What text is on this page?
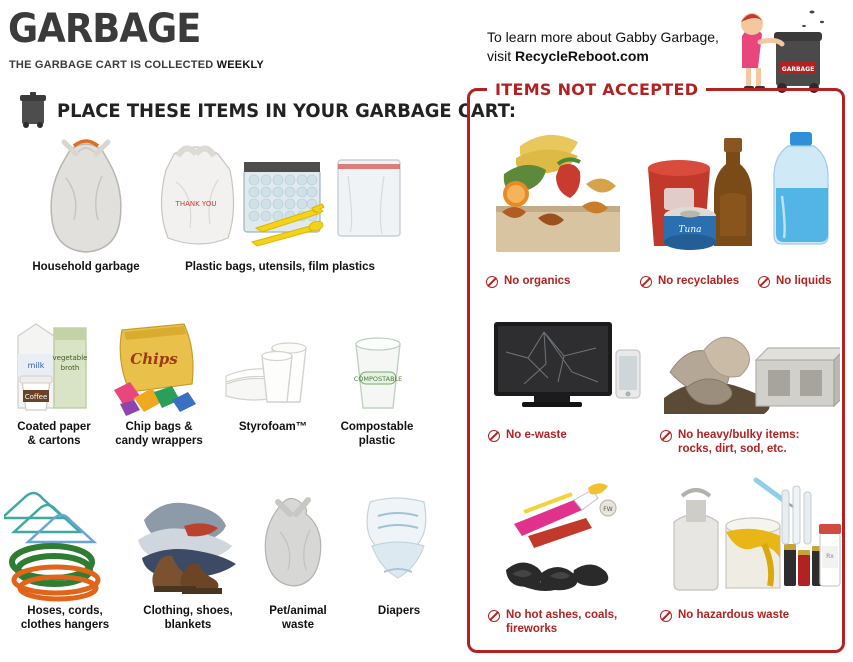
GARBAGE
THE GARBAGE CART IS COLLECTED WEEKLY
To learn more about Gabby Garbage,
visit RecycleReboot.com
GARBAGE
PLACE THESE ITEMS IN YOUR GARBAGE CART:
Household garbage
THANK YOU
Plastic bags, utensils, film plastics
milk
vegetable
broth
Coffee
Coated paper
& cartons
Chips
Chip bags &
candy wrappers
Styrofoam™
COMPOSTABLE
Compostable
plastic
Hoses, cords,
clothes hangers
Clothing, shoes,
blankets
Pet/animal
waste
Diapers
ITEMS NOT ACCEPTED
No organics
Tuna
No recyclables	No liquids
No e-waste	No heavy/bulky items:
rocks, dirt, sod, etc.
FW
No hot ashes, coals,
fireworks
Rx
No hazardous waste
